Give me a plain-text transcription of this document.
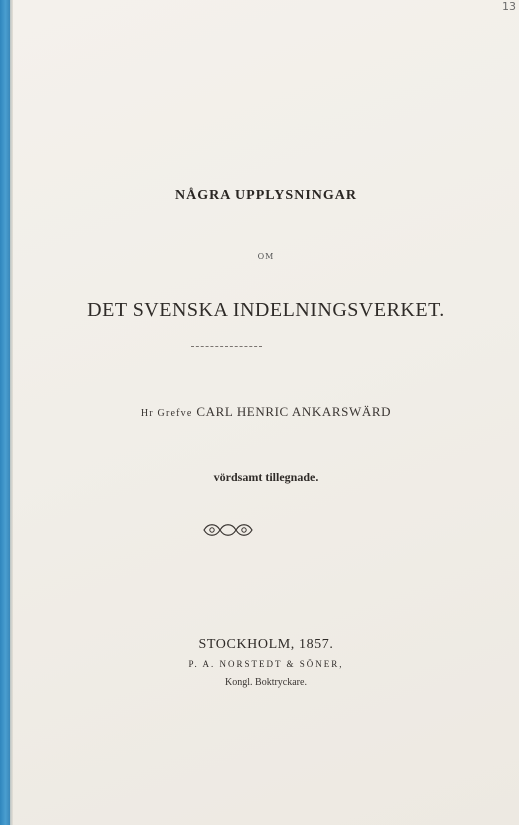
13
NÅGRA UPPLYSNINGAR
OM
DET SVENSKA INDELNINGSVERKET.
Hr Grefve CARL HENRIC ANKARSWÄRD
vördsamt tillegnade.
STOCKHOLM, 1857.
P. A. NORSTEDT & SÖNER,
Kongl. Boktryckare.
